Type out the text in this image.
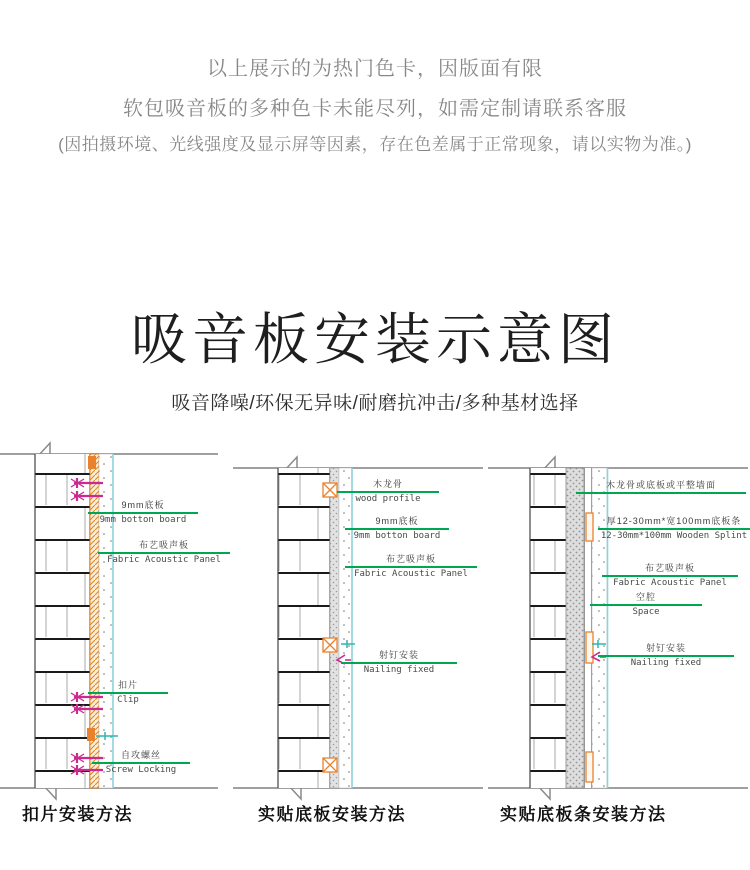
以上展示的为热门色卡，因版面有限
软包吸音板的多种色卡未能尽列，如需定制请联系客服
(因拍摄环境、光线强度及显示屏等因素，存在色差属于正常现象，请以实物为准。)
吸音板安装示意图
吸音降噪/环保无异味/耐磨抗冲击/多种基材选择
9mm底板
9mm botton board
布艺吸声板
Fabric Acoustic Panel
扣片
Clip
自攻螺丝
Screw Locking
木龙骨
wood profile
9mm底板
9mm botton board
布艺吸声板
Fabric Acoustic Panel
射钉安装
Nailing fixed
木龙骨或底板或平整墙面
厚12-30mm*宽100mm底板条
12-30mm*100mm Wooden Splint
布艺吸声板
Fabric Acoustic Panel
空腔
Space
射钉安装
Nailing fixed
扣片安装方法	实贴底板安装方法	实贴底板条安装方法
